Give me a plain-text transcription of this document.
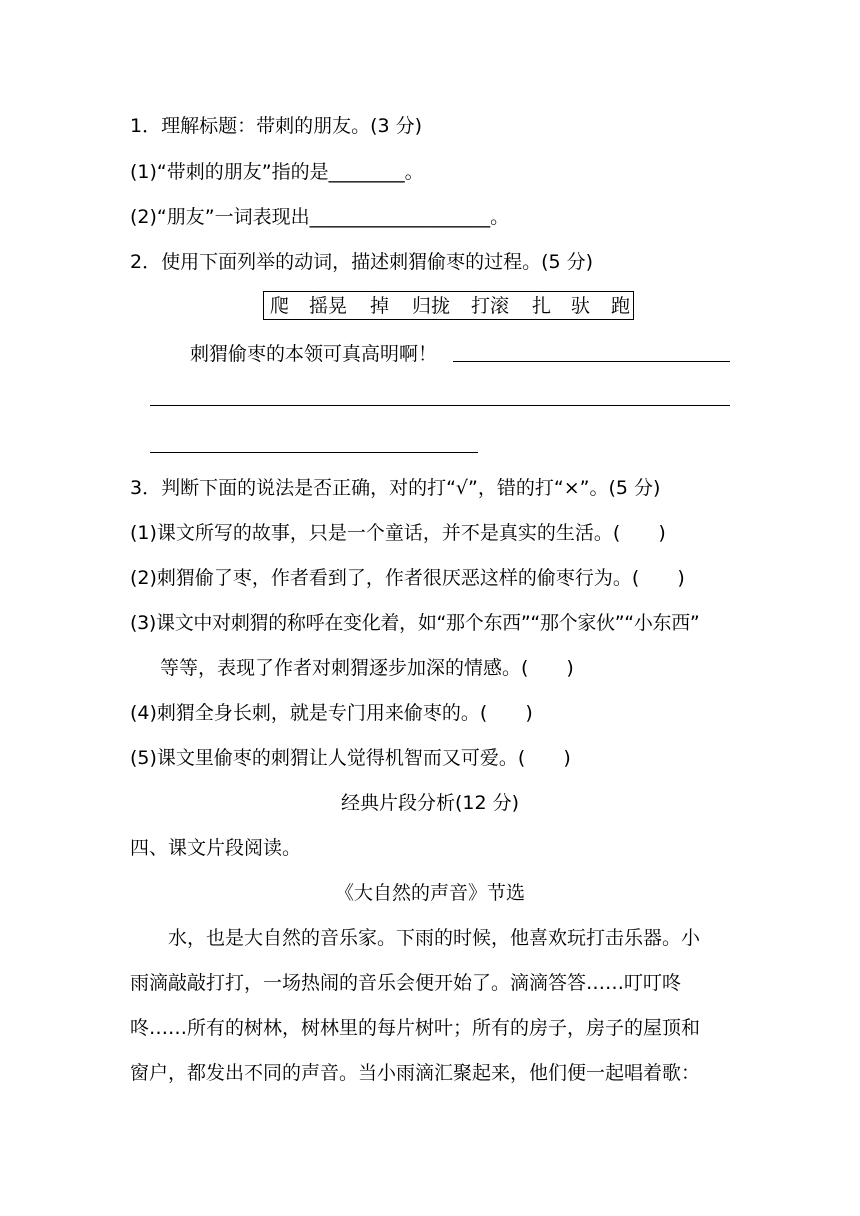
1．理解标题：带刺的朋友。(3 分)
(1)“带刺的朋友”指的是________。
(2)“朋友”一词表现出___________________。
2．使用下面列举的动词，描述刺猬偷枣的过程。(5 分)
爬 摇晃 掉 归拢 打滚 扎 驮 跑
刺猬偷枣的本领可真高明啊！
3．判断下面的说法是否正确，对的打“√”，错的打“×”。(5 分)
(1)课文所写的故事，只是一个童话，并不是真实的生活。(　　)
(2)刺猬偷了枣，作者看到了，作者很厌恶这样的偷枣行为。(　　)
(3)课文中对刺猬的称呼在变化着，如“那个东西”“那个家伙”“小东西”
等等，表现了作者对刺猬逐步加深的情感。(　　)
(4)刺猬全身长刺，就是专门用来偷枣的。(　　)
(5)课文里偷枣的刺猬让人觉得机智而又可爱。(　　)
经典片段分析(12 分)
四、课文片段阅读。
《大自然的声音》节选
　　水，也是大自然的音乐家。下雨的时候，他喜欢玩打击乐器。小
雨滴敲敲打打，一场热闹的音乐会便开始了。滴滴答答……叮叮咚
咚……所有的树林，树林里的每片树叶；所有的房子，房子的屋顶和
窗户，都发出不同的声音。当小雨滴汇聚起来，他们便一起唱着歌：
